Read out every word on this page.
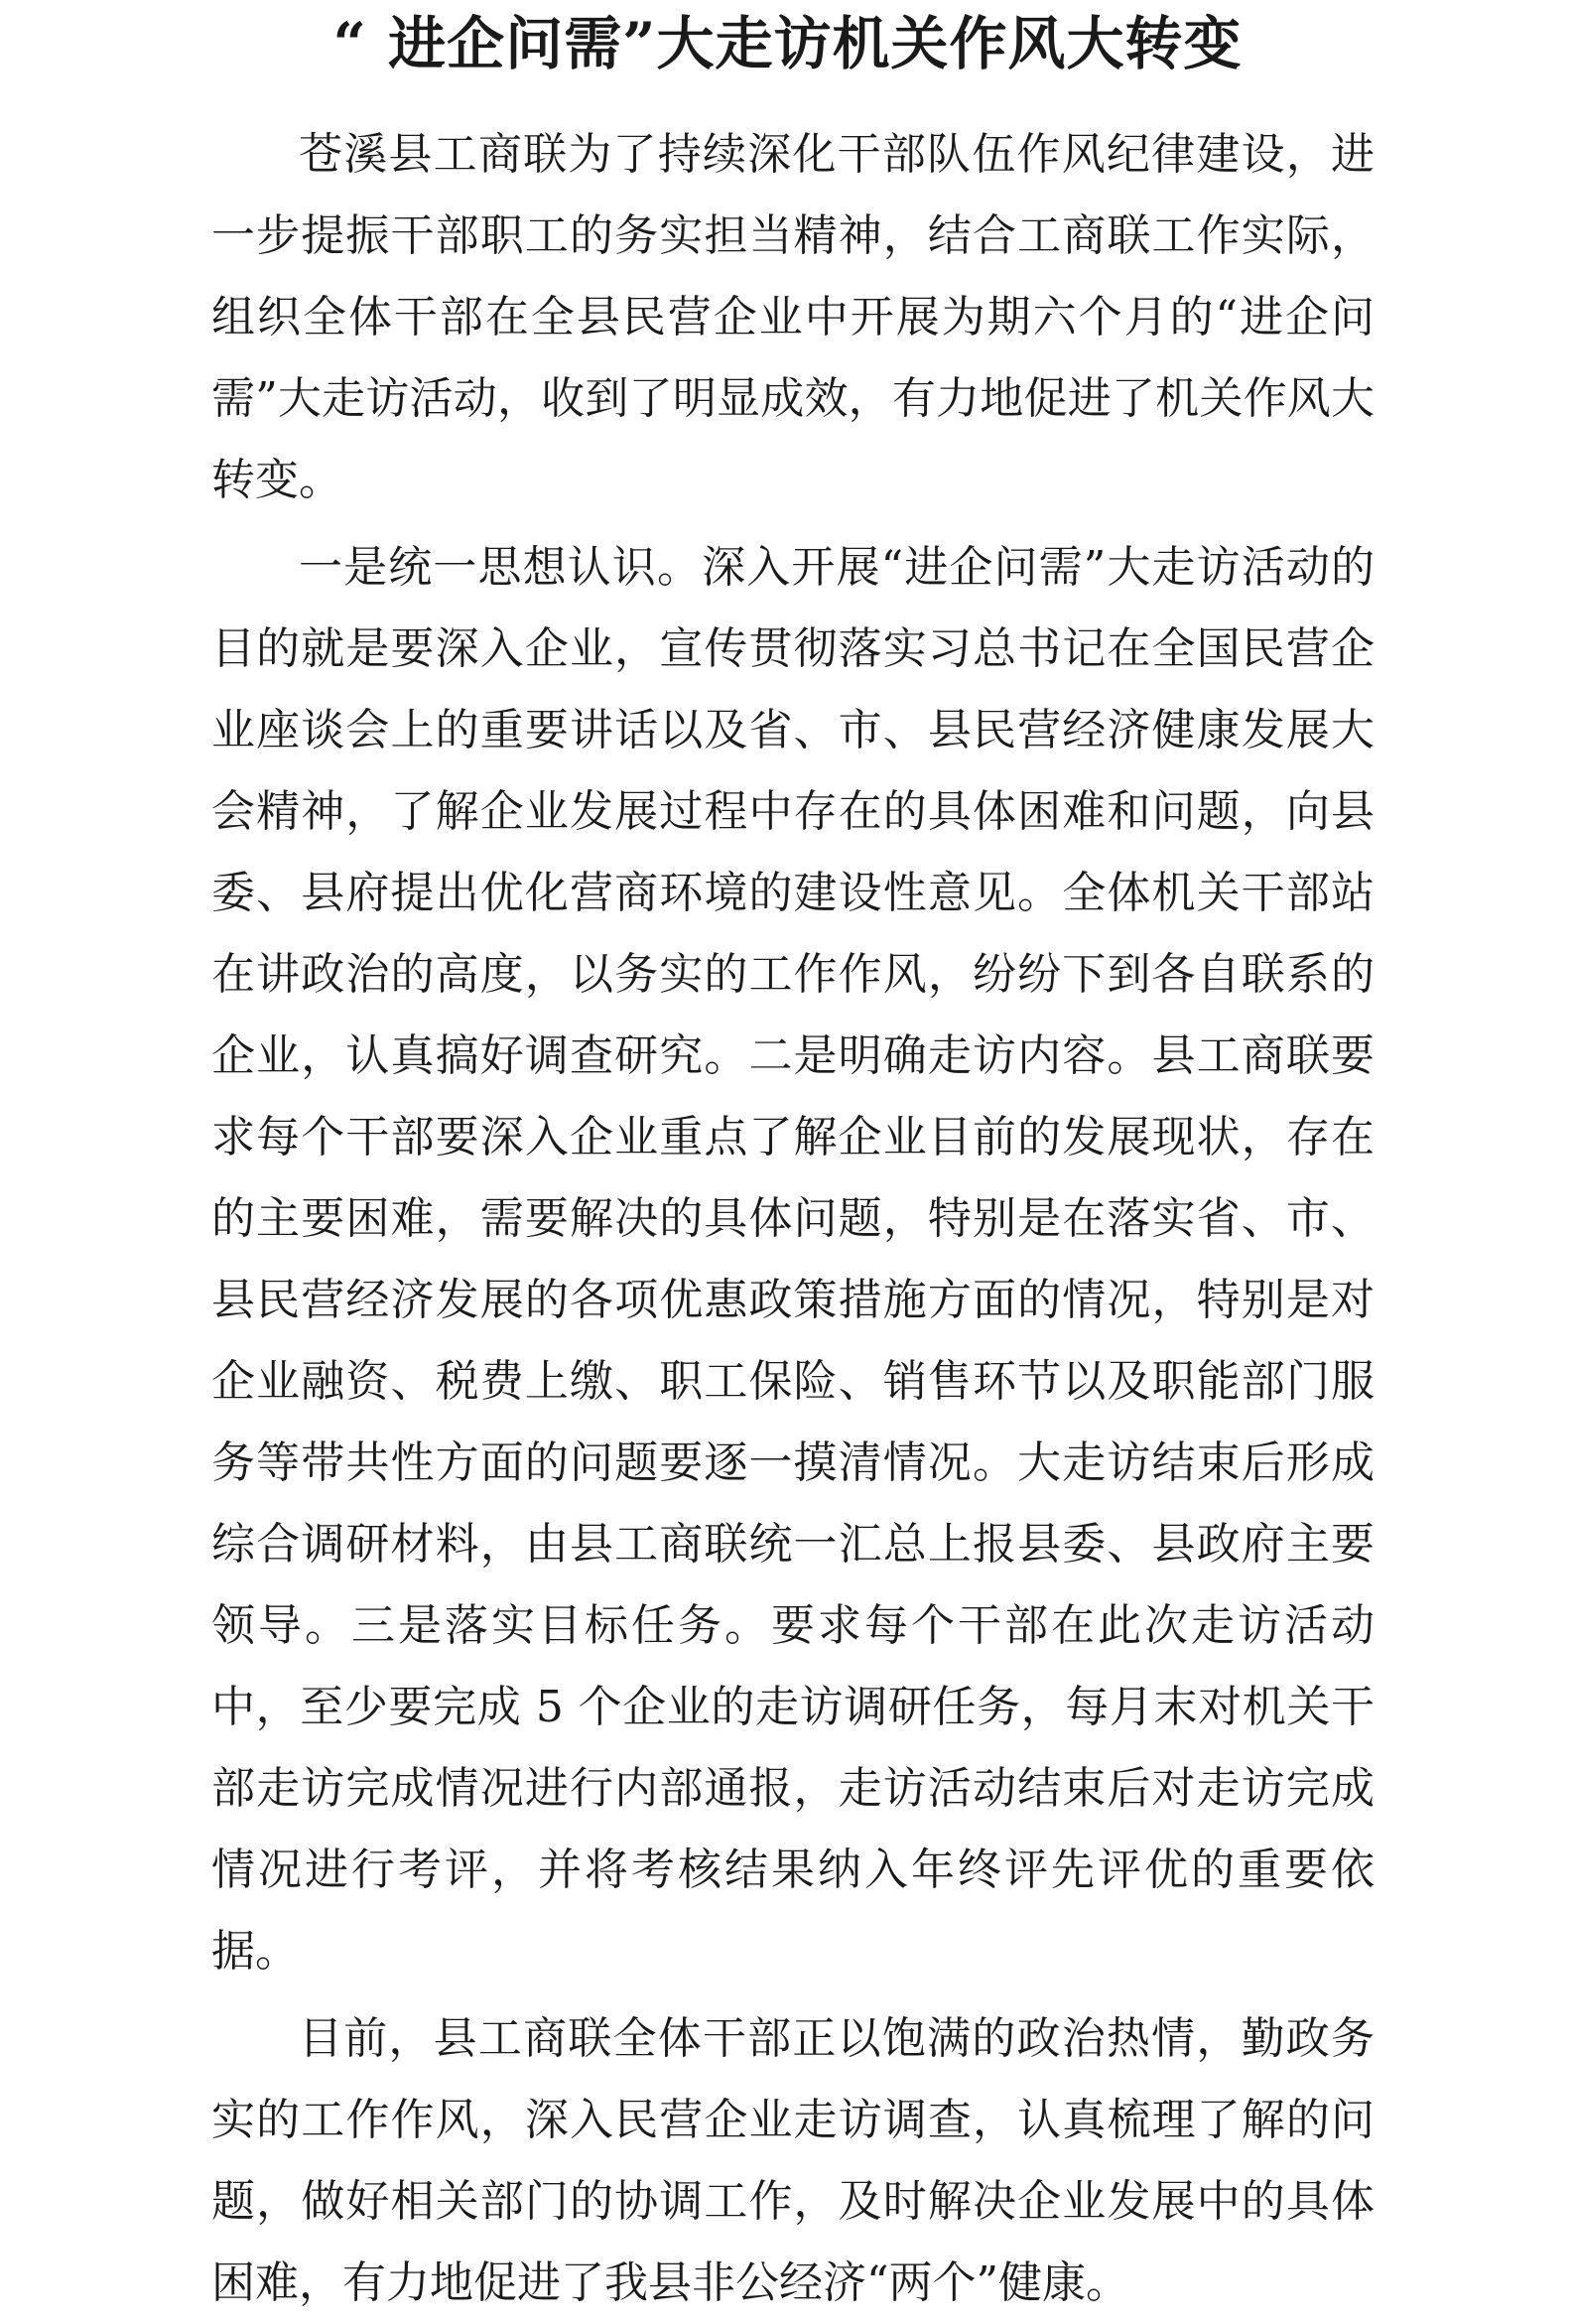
“ 进企问需”大走访机关作风大转变

苍溪县工商联为了持续深化干部队伍作风纪律建设，进一步提振干部职工的务实担当精神，结合工商联工作实际，组织全体干部在全县民营企业中开展为期六个月的“进企问需”大走访活动，收到了明显成效，有力地促进了机关作风大转变。

一是统一思想认识。深入开展“进企问需”大走访活动的目的就是要深入企业，宣传贯彻落实习总书记在全国民营企业座谈会上的重要讲话以及省、市、县民营经济健康发展大会精神，了解企业发展过程中存在的具体困难和问题，向县委、县府提出优化营商环境的建设性意见。全体机关干部站在讲政治的高度，以务实的工作作风，纷纷下到各自联系的企业，认真搞好调查研究。二是明确走访内容。县工商联要求每个干部要深入企业重点了解企业目前的发展现状，存在的主要困难，需要解决的具体问题，特别是在落实省、市、县民营经济发展的各项优惠政策措施方面的情况，特别是对企业融资、税费上缴、职工保险、销售环节以及职能部门服务等带共性方面的问题要逐一摸清情况。大走访结束后形成综合调研材料，由县工商联统一汇总上报县委、县政府主要领导。三是落实目标任务。要求每个干部在此次走访活动中，至少要完成 5 个企业的走访调研任务，每月末对机关干部走访完成情况进行内部通报，走访活动结束后对走访完成情况进行考评，并将考核结果纳入年终评先评优的重要依据。

目前，县工商联全体干部正以饱满的政治热情，勤政务实的工作作风，深入民营企业走访调查，认真梳理了解的问题，做好相关部门的协调工作，及时解决企业发展中的具体困难，有力地促进了我县非公经济“两个”健康。
